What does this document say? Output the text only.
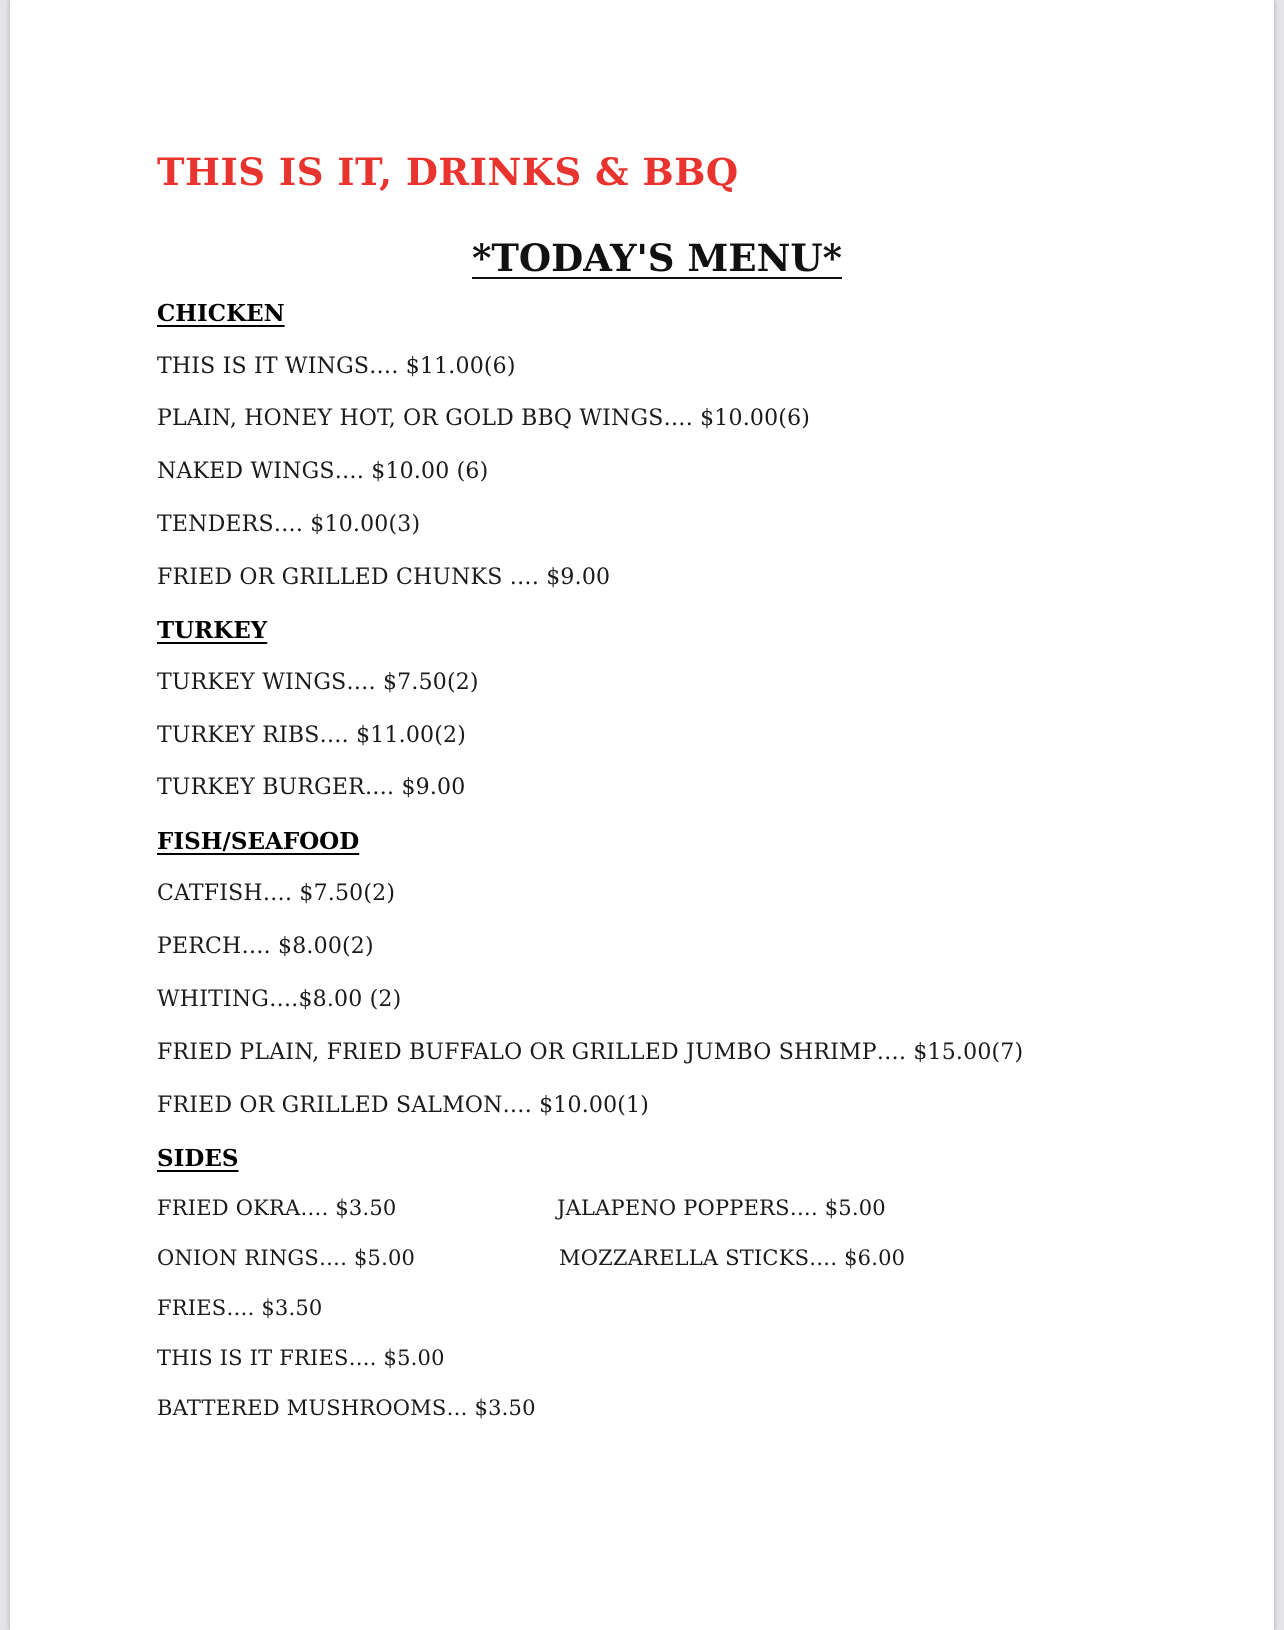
THIS IS IT, DRINKS & BBQ
*TODAY'S MENU*
CHICKEN
THIS IS IT WINGS…. $11.00(6)
PLAIN, HONEY HOT, OR GOLD BBQ WINGS…. $10.00(6)
NAKED WINGS…. $10.00 (6)
TENDERS…. $10.00(3)
FRIED OR GRILLED CHUNKS …. $9.00
TURKEY
TURKEY WINGS…. $7.50(2)
TURKEY RIBS…. $11.00(2)
TURKEY BURGER…. $9.00
FISH/SEAFOOD
CATFISH…. $7.50(2)
PERCH…. $8.00(2)
WHITING….$8.00 (2)
FRIED PLAIN, FRIED BUFFALO OR GRILLED JUMBO SHRIMP…. $15.00(7)
FRIED OR GRILLED SALMON…. $10.00(1)
SIDES
FRIED OKRA…. $3.50
ONION RINGS…. $5.00
FRIES…. $3.50
THIS IS IT FRIES…. $5.00
BATTERED MUSHROOMS… $3.50
JALAPENO POPPERS…. $5.00
MOZZARELLA STICKS…. $6.00
